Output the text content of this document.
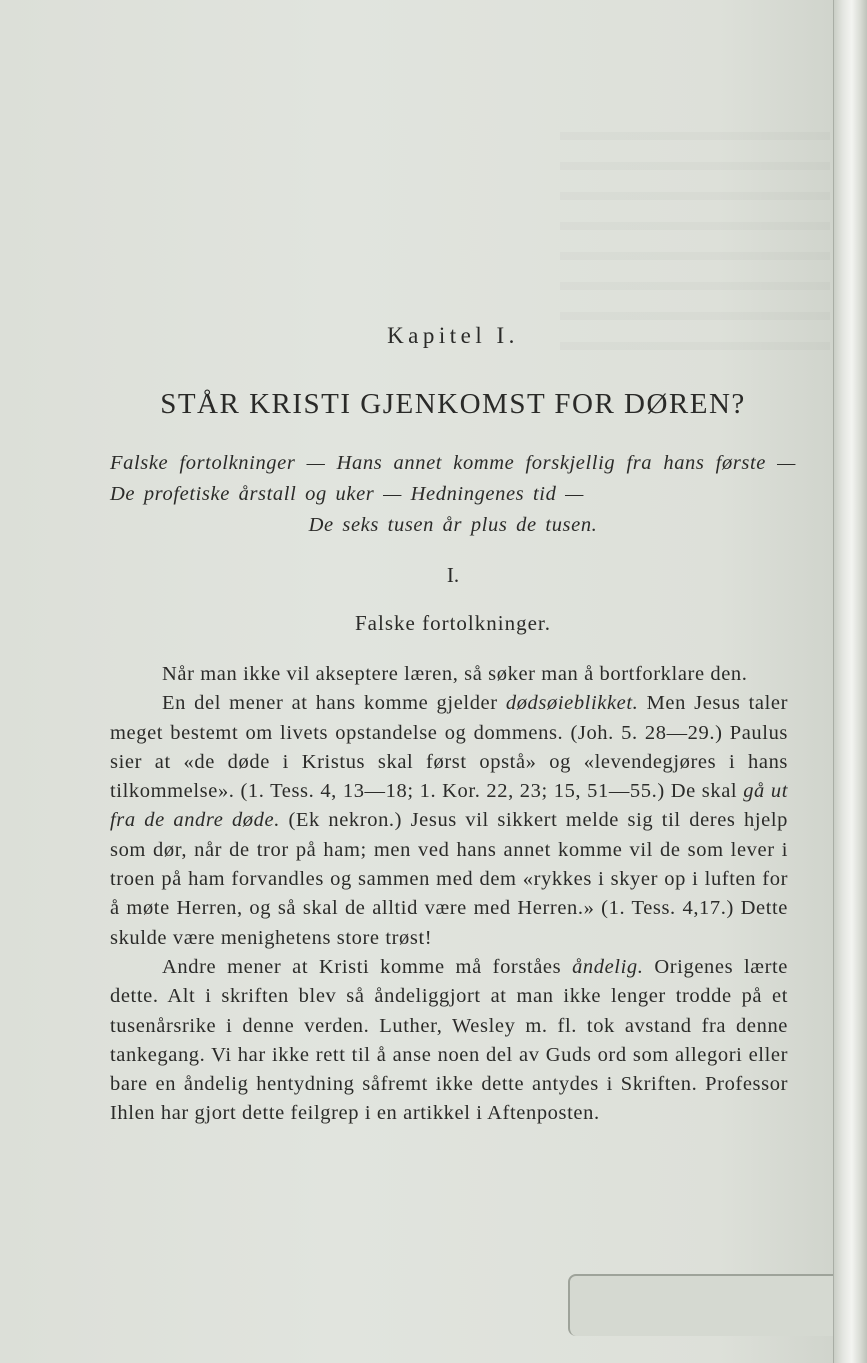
Kapitel I.
STÅR KRISTI GJENKOMST FOR DØREN?
Falske fortolkninger — Hans annet komme forskjellig fra hans første — De profetiske årstall og uker — Hedningenes tid —
De seks tusen år plus de tusen.
I.
Falske fortolkninger.

Når man ikke vil akseptere læren, så søker man å bortforklare den.

En del mener at hans komme gjelder dødsøieblikket. Men Jesus taler meget bestemt om livets opstandelse og dommens. (Joh. 5. 28—29.) Paulus sier at «de døde i Kristus skal først opstå» og «levendegjøres i hans tilkommelse». (1. Tess. 4, 13—18; 1. Kor. 22, 23; 15, 51—55.) De skal gå ut fra de andre døde. (Ek nekron.) Jesus vil sikkert melde sig til deres hjelp som dør, når de tror på ham; men ved hans annet komme vil de som lever i troen på ham forvandles og sammen med dem «rykkes i skyer op i luften for å møte Herren, og så skal de alltid være med Herren.» (1. Tess. 4,17.) Dette skulde være menighetens store trøst!

Andre mener at Kristi komme må forståes åndelig. Origenes lærte dette. Alt i skriften blev så åndeliggjort at man ikke lenger trodde på et tusenårsrike i denne verden. Luther, Wesley m. fl. tok avstand fra denne tankegang. Vi har ikke rett til å anse noen del av Guds ord som allegori eller bare en åndelig hentydning såfremt ikke dette antydes i Skriften. Professor Ihlen har gjort dette feilgrep i en artikkel i Aftenposten.
